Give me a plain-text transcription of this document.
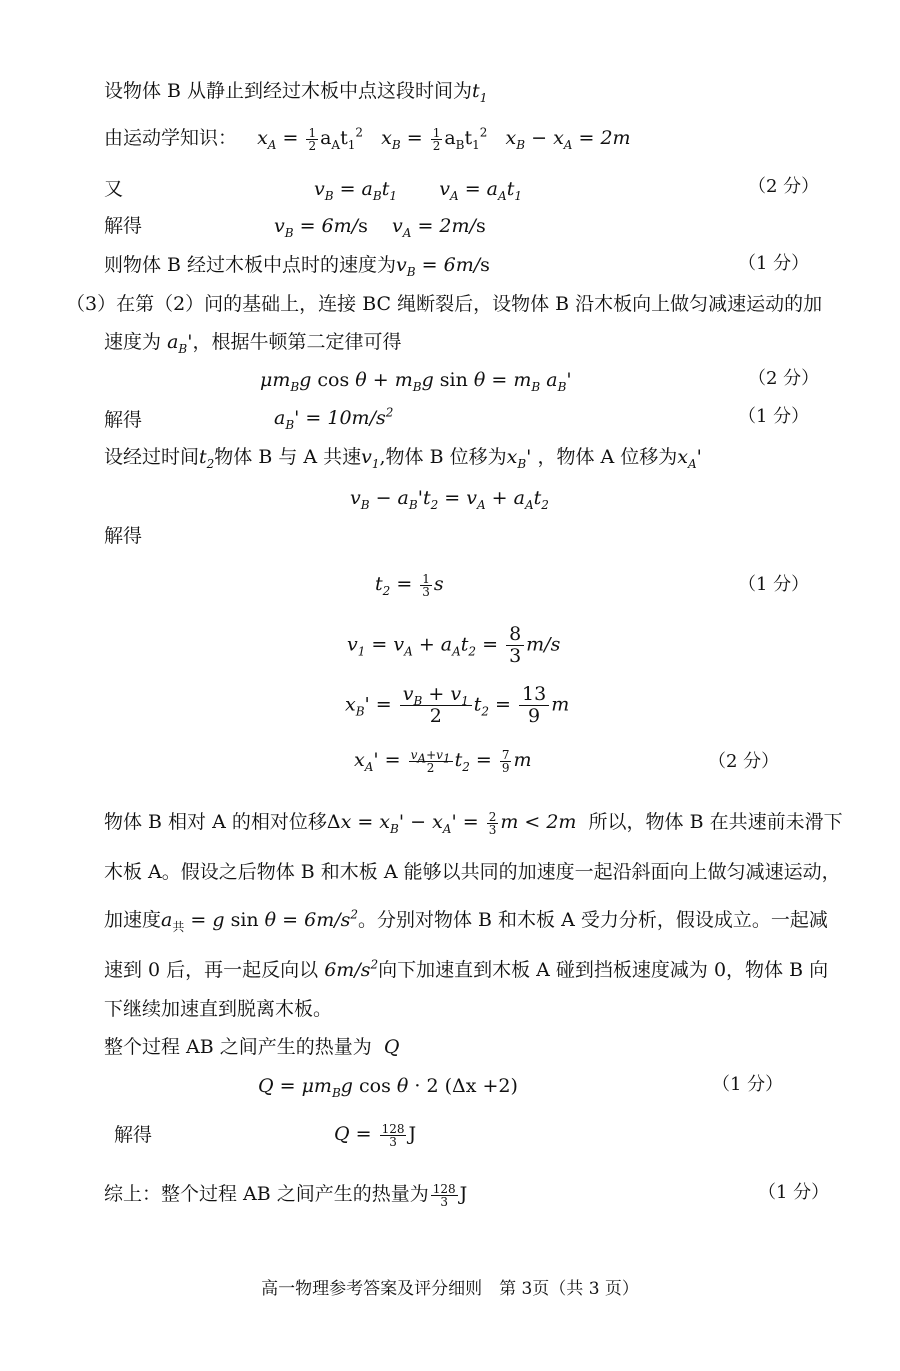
设物体 B 从静止到经过木板中点这段时间为$t_1$
由运动学知识： $x_A = \frac{1}{2} a_At_1^2$   $x_B = \frac{1}{2} a_Bt_1^2$   $x_B - x_A = 2m$
又	$v_B = a_Bt_1$       $v_A = a_At_1$	（2 分）
解得	$v_B = 6m/s$    $v_A = 2m/s$
则物体 B 经过木板中点时的速度为$v_B = 6m/s$	（1 分）
（3）在第（2）问的基础上，连接 BC 绳断裂后，设物体 B 沿木板向上做匀减速运动的加
速度为 $a_B'$，根据牛顿第二定律可得
$\mu m_Bg$ $\cos \theta + m_Bg$ $\sin \theta = m_B$ $a_B'$	（2 分）
解得	$a_B' = 10m/s^2$	（1 分）
设经过时间$t_2$物体 B 与 A 共速$v_1$,物体 B 位移为$x_B'$ ，物体 A 位移为$x_A'$
$v_B - a_B't_2 = v_A + a_At_2$
解得
$t_2 = \frac{1}{3}$ s	（1 分）
$v_1 = v_A + a_At_2 = \frac{8}{3} m/s$
$x_B' = \frac{v_B + v_1}{2} t_2 = \frac{13}{9}$ m
$x_A' = \frac{v_A+v_1}{2} t_2 = \frac{7}{9}$ m	（2 分）
物体 B 相对 A 的相对位移$\Delta x = x_B' - x_A' = \frac{2}{3}$ m < 2m 所以，物体 B 在共速前未滑下
木板 A。假设之后物体 B 和木板 A 能够以共同的加速度一起沿斜面向上做匀减速运动，
加速度$a_共 = g$ $\sin \theta = 6m/s^2$。分别对物体 B 和木板 A 受力分析，假设成立。一起减
速到 0 后，再一起反向以 $6m/s^2$向下加速直到木板 A 碰到挡板速度减为 0，物体 B 向
下继续加速直到脱离木板。
整个过程 AB 之间产生的热量为 Q
$Q = \mu m_Bg$ cos θ · 2 (Δx +2)	（1 分）
解得	$Q = \frac{128}{3}$ J
综上：整个过程 AB 之间产生的热量为 $\frac{128}{3}$ J	（1 分）
高一物理参考答案及评分细则　第 3页（共 3 页）
